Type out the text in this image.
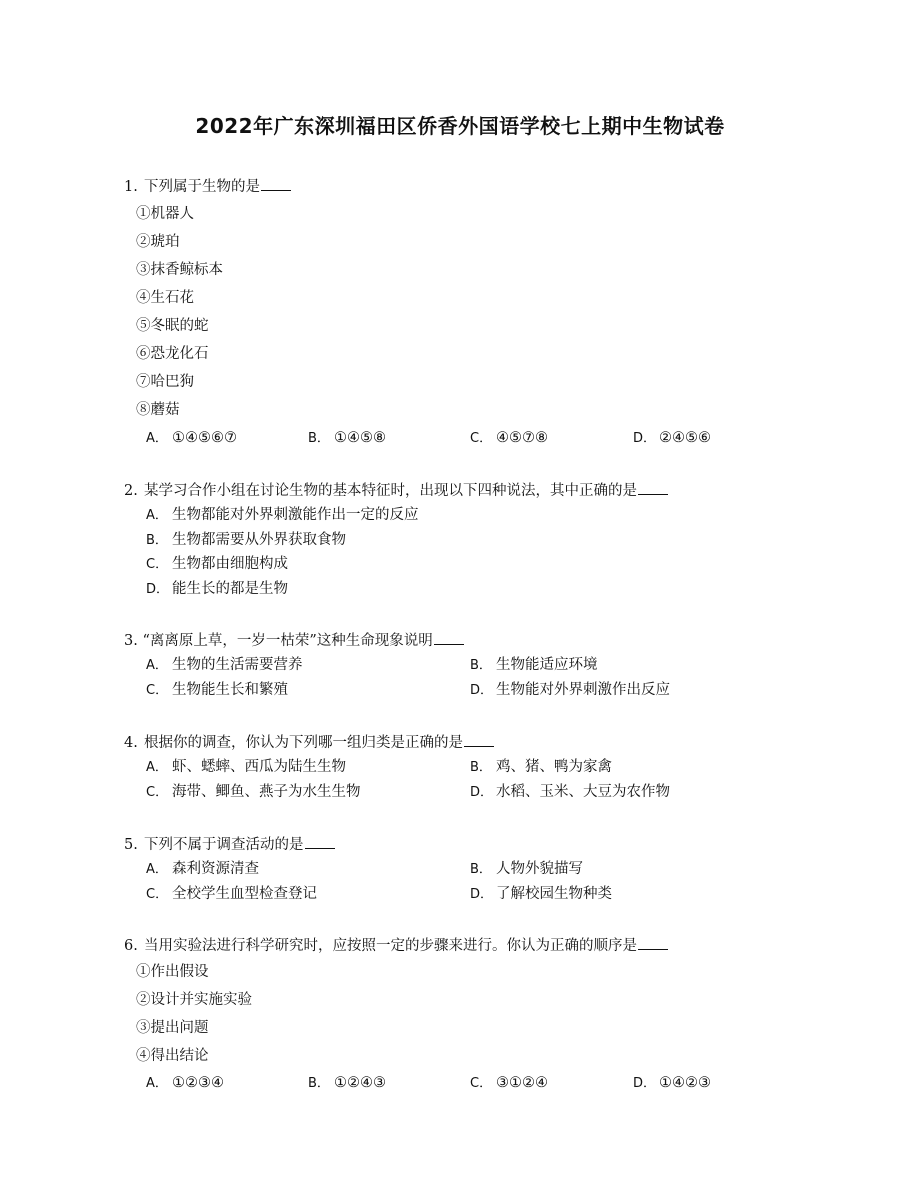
2022年广东深圳福田区侨香外国语学校七上期中生物试卷
1. 下列属于生物的是
①机器人
②琥珀
③抹香鲸标本
④生石花
⑤冬眠的蛇
⑥恐龙化石
⑦哈巴狗
⑧蘑菇
A． ①④⑤⑥⑦	B． ①④⑤⑧	C． ④⑤⑦⑧	D． ②④⑤⑥
2. 某学习合作小组在讨论生物的基本特征时，出现以下四种说法，其中正确的是
A． 生物都能对外界刺激能作出一定的反应
B． 生物都需要从外界获取食物
C． 生物都由细胞构成
D． 能生长的都是生物
3. “离离原上草，一岁一枯荣”这种生命现象说明
A． 生物的生活需要营养	B． 生物能适应环境
C． 生物能生长和繁殖	D． 生物能对外界刺激作出反应
4. 根据你的调查，你认为下列哪一组归类是正确的是
A． 虾、蟋蟀、西瓜为陆生生物	B． 鸡、猪、鸭为家禽
C． 海带、鲫鱼、燕子为水生生物	D． 水稻、玉米、大豆为农作物
5. 下列不属于调查活动的是
A． 森利资源清查	B． 人物外貌描写
C． 全校学生血型检查登记	D． 了解校园生物种类
6. 当用实验法进行科学研究时，应按照一定的步骤来进行。你认为正确的顺序是
①作出假设
②设计并实施实验
③提出问题
④得出结论
A． ①②③④	B． ①②④③	C． ③①②④	D． ①④②③
